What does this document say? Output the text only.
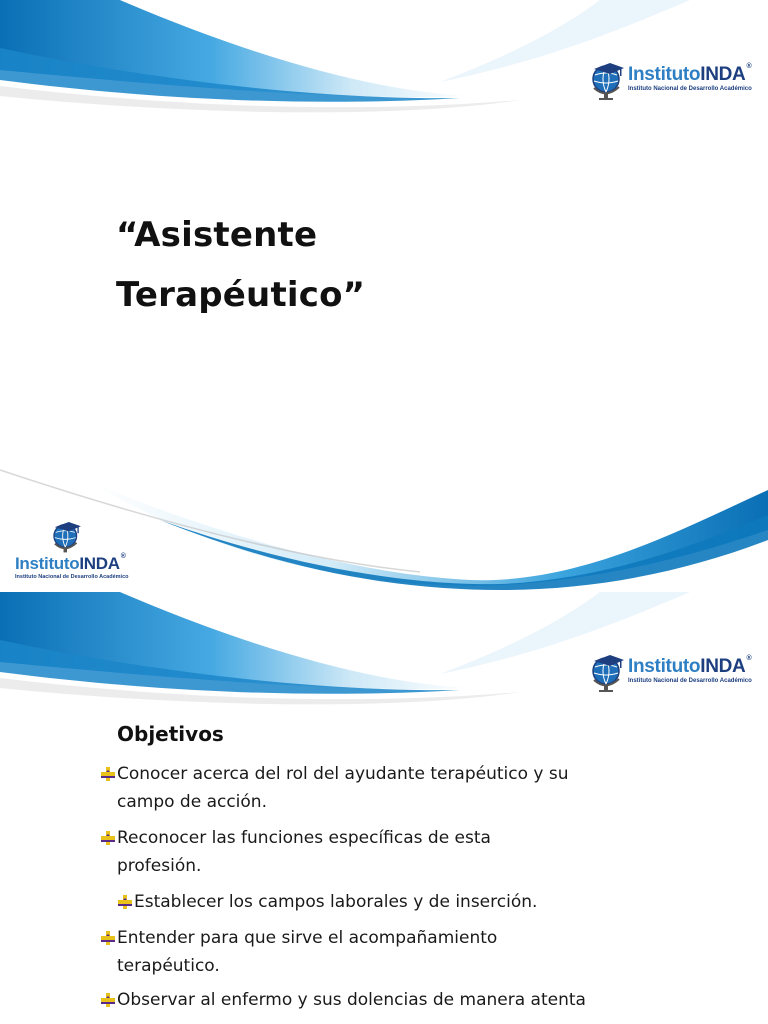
InstitutoINDA®
Instituto Nacional de Desarrollo Académico
“Asistente
Terapéutico”
InstitutoINDA®
Instituto Nacional de Desarrollo Académico
InstitutoINDA®
Instituto Nacional de Desarrollo Académico
Objetivos
Conocer acerca del rol del ayudante terapéutico y su
campo de acción.
Reconocer las funciones específicas de esta
profesión.
Establecer los campos laborales y de inserción.
Entender para que sirve el acompañamiento
terapéutico.
Observar al enfermo y sus dolencias de manera atenta
